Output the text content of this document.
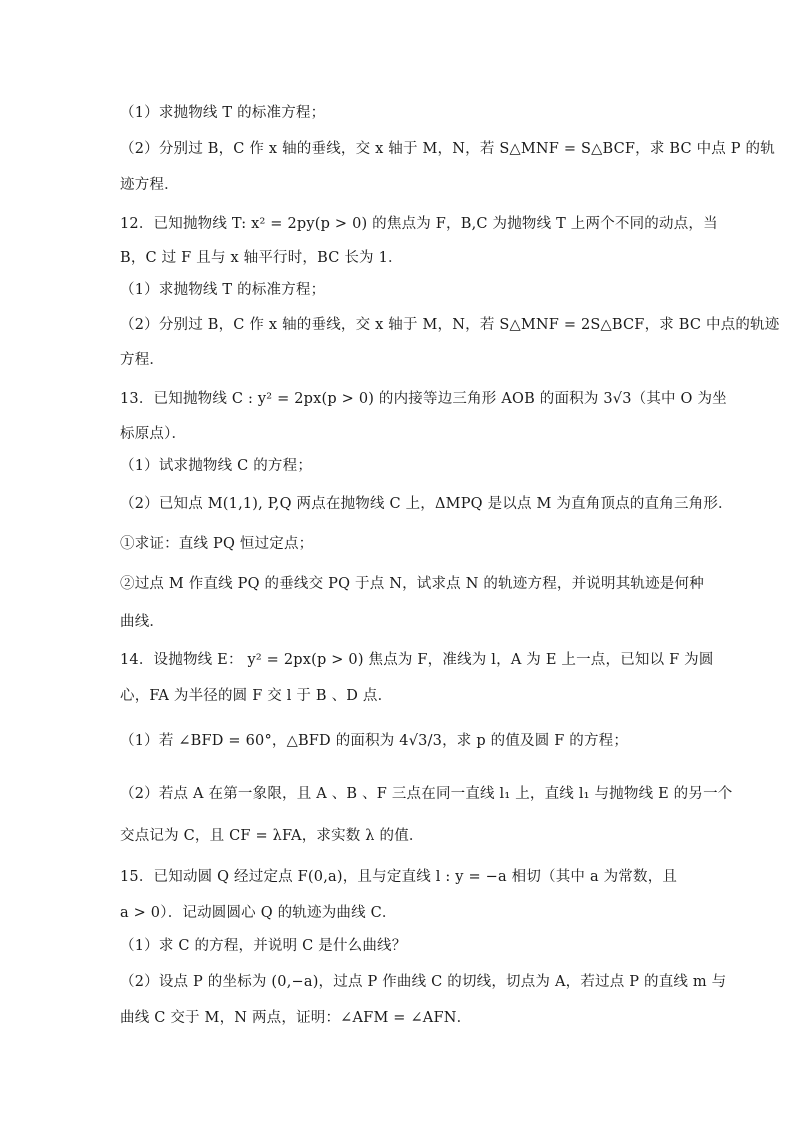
（1）求抛物线 T 的标准方程；
（2）分别过 B，C 作 x 轴的垂线，交 x 轴于 M，N，若 S△MNF = S△BCF，求 BC 中点 P 的轨
迹方程．
12．已知抛物线 T: x² = 2py(p > 0) 的焦点为 F，B,C 为抛物线 T 上两个不同的动点，当
B，C 过 F 且与 x 轴平行时，BC 长为 1．
（1）求抛物线 T 的标准方程；
（2）分别过 B，C 作 x 轴的垂线，交 x 轴于 M，N，若 S△MNF = 2S△BCF，求 BC 中点的轨迹
方程．
13．已知抛物线 C : y² = 2px(p > 0) 的内接等边三角形 AOB 的面积为 3√3（其中 O 为坐
标原点）．
（1）试求抛物线 C 的方程；
（2）已知点 M(1,1), P,Q 两点在抛物线 C 上，ΔMPQ 是以点 M 为直角顶点的直角三角形．
①求证：直线 PQ 恒过定点；
②过点 M 作直线 PQ 的垂线交 PQ 于点 N，试求点 N 的轨迹方程，并说明其轨迹是何种
曲线．
14．设抛物线 E： y² = 2px(p > 0) 焦点为 F，准线为 l，A 为 E 上一点，已知以 F 为圆
心，FA 为半径的圆 F 交 l 于 B 、D 点．
（1）若 ∠BFD = 60°，△BFD 的面积为 4√3/3，求 p 的值及圆 F 的方程；
（2）若点 A 在第一象限，且 A 、B 、F 三点在同一直线 l₁ 上，直线 l₁ 与抛物线 E 的另一个
交点记为 C，且 CF = λFA，求实数 λ 的值．
15．已知动圆 Q 经过定点 F(0,a)，且与定直线 l : y = −a 相切（其中 a 为常数，且
a > 0）．记动圆圆心 Q 的轨迹为曲线 C．
（1）求 C 的方程，并说明 C 是什么曲线？
（2）设点 P 的坐标为 (0,−a)，过点 P 作曲线 C 的切线，切点为 A，若过点 P 的直线 m 与
曲线 C 交于 M，N 两点，证明：∠AFM = ∠AFN．
